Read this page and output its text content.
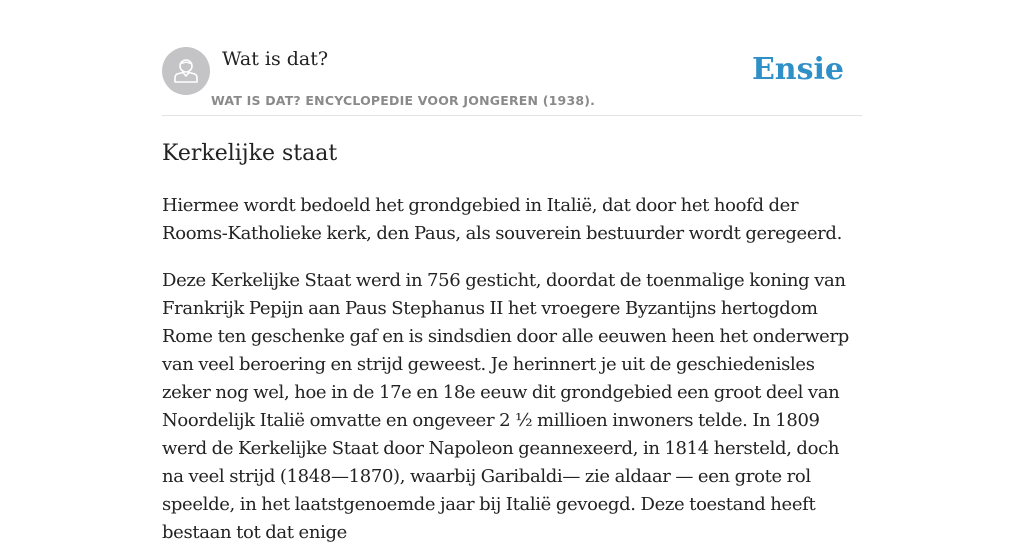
Wat is dat?
WAT IS DAT? ENCYCLOPEDIE VOOR JONGEREN (1938).
Ensie
Kerkelijke staat

Hiermee wordt bedoeld het grondgebied in Italië, dat door het hoofd der Rooms-Katholieke kerk, den Paus, als souverein bestuurder wordt geregeerd.

Deze Kerkelijke Staat werd in 756 gesticht, doordat de toenmalige koning van Frankrijk Pepijn aan Paus Stephanus II het vroegere Byzantijns hertogdom Rome ten geschenke gaf en is sindsdien door alle eeuwen heen het onderwerp van veel beroering en strijd geweest. Je herinnert je uit de geschiedenisles zeker nog wel, hoe in de 17e en 18e eeuw dit grondgebied een groot deel van Noordelijk Italië omvatte en ongeveer 2 ½ millioen inwoners telde. In 1809 werd de Kerkelijke Staat door Napoleon geannexeerd, in 1814 hersteld, doch na veel strijd (1848—1870), waarbij Garibaldi— zie aldaar — een grote rol speelde, in het laatstgenoemde jaar bij Italië gevoegd. Deze toestand heeft bestaan tot dat enige
